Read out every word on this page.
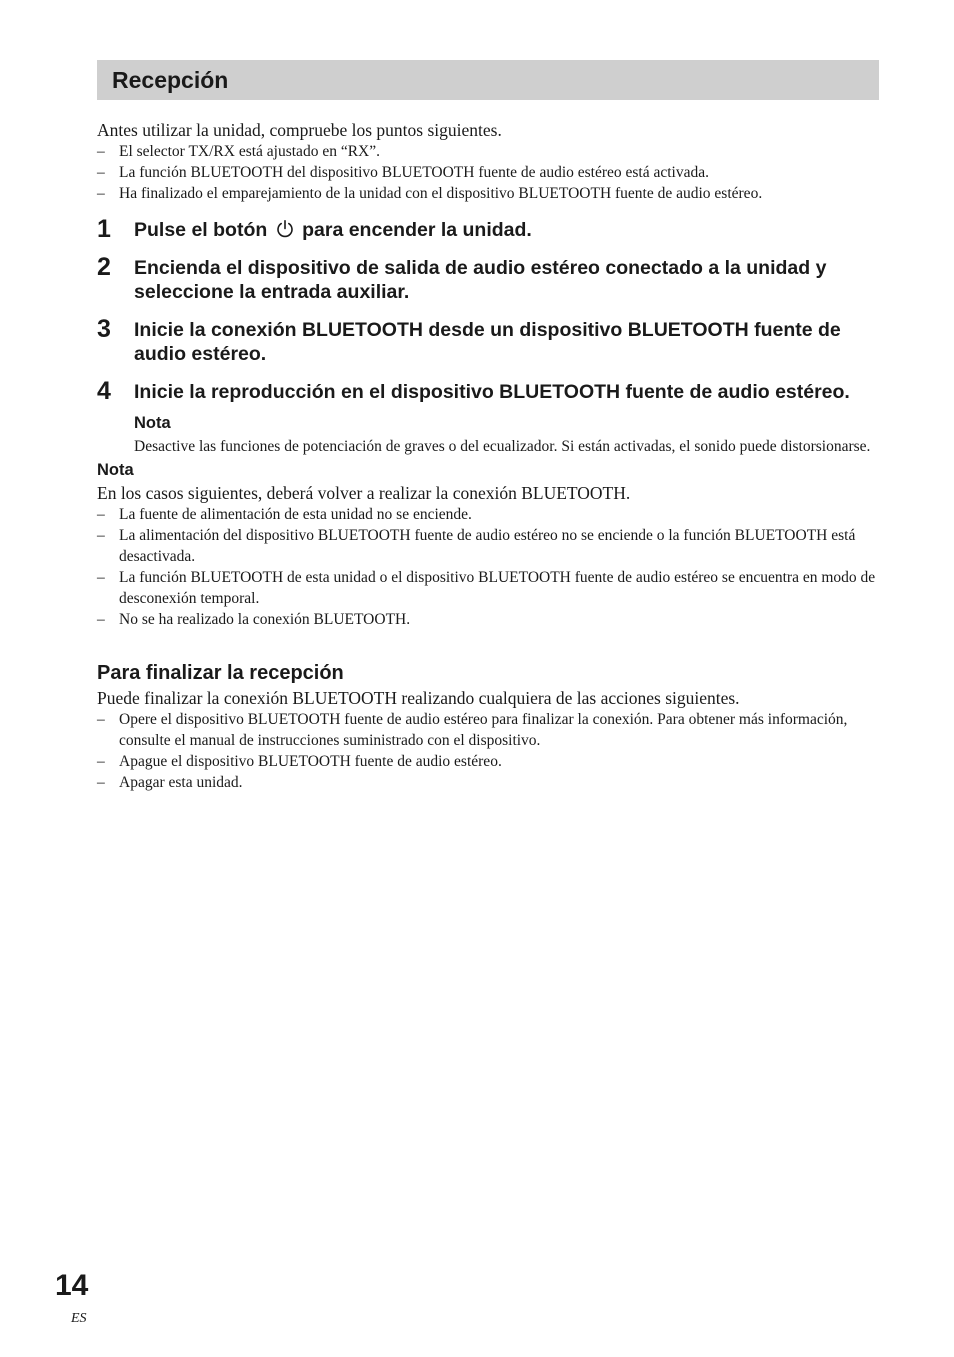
Recepción

Antes utilizar la unidad, compruebe los puntos siguientes.

– El selector TX/RX está ajustado en “RX”.
– La función BLUETOOTH del dispositivo BLUETOOTH fuente de audio estéreo está activada.
– Ha finalizado el emparejamiento de la unidad con el dispositivo BLUETOOTH fuente de audio estéreo.
1	Pulse el botón para encender la unidad.
2	Encienda el dispositivo de salida de audio estéreo conectado a la unidad y seleccione la entrada auxiliar.
3	Inicie la conexión BLUETOOTH desde un dispositivo BLUETOOTH fuente de audio estéreo.
4	Inicie la reproducción en el dispositivo BLUETOOTH fuente de audio estéreo.
Nota
Desactive las funciones de potenciación de graves o del ecualizador. Si están activadas, el sonido puede distorsionarse.
Nota
En los casos siguientes, deberá volver a realizar la conexión BLUETOOTH.
– La fuente de alimentación de esta unidad no se enciende.
– La alimentación del dispositivo BLUETOOTH fuente de audio estéreo no se enciende o la función BLUETOOTH está desactivada.
– La función BLUETOOTH de esta unidad o el dispositivo BLUETOOTH fuente de audio estéreo se encuentra en modo de desconexión temporal.
– No se ha realizado la conexión BLUETOOTH.
Para finalizar la recepción
Puede finalizar la conexión BLUETOOTH realizando cualquiera de las acciones siguientes.
– Opere el dispositivo BLUETOOTH fuente de audio estéreo para finalizar la conexión. Para obtener más información, consulte el manual de instrucciones suministrado con el dispositivo.
– Apague el dispositivo BLUETOOTH fuente de audio estéreo.
– Apagar esta unidad.
14
ES
